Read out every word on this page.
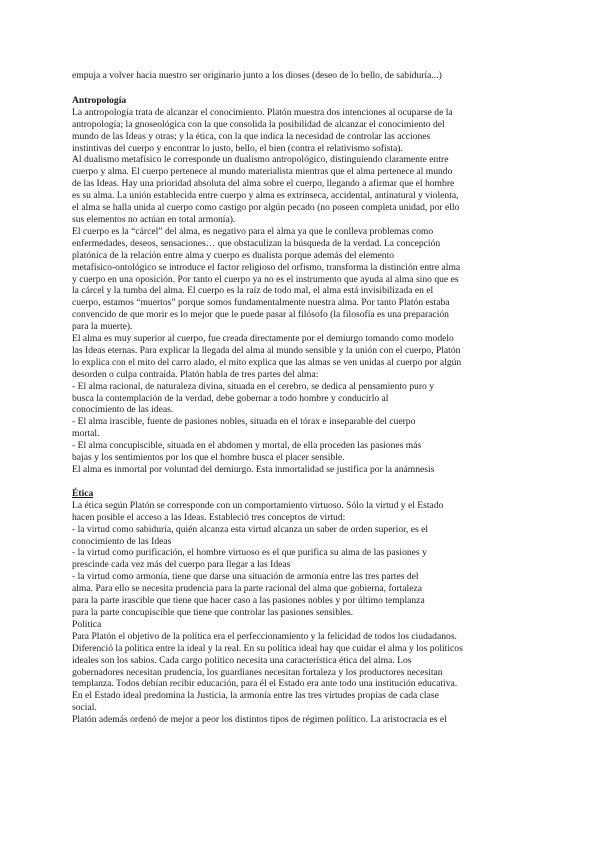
empuja a volver hacia nuestro ser originario junto a los dioses (deseo de lo bello, de sabiduría...)

Antropología

La antropología trata de alcanzar el conocimiento. Platón muestra dos intenciones al ocuparse de la

antropología; la gnoseológica con la que consolida la posibilidad de alcanzar el conocimiento del

mundo de las Ideas y otras; y la ética, con la que indica la necesidad de controlar las acciones

instintivas del cuerpo y encontrar lo justo, bello, el bien (contra el relativismo sofista).

Al dualismo metafísico le corresponde un dualismo antropológico, distinguiendo claramente entre

cuerpo y alma. El cuerpo pertenece al mundo materialista mientras que el alma pertenece al mundo

de las Ideas. Hay una prioridad absoluta del alma sobre el cuerpo, llegando a afirmar que el hombre

es su alma. La unión establecida entre cuerpo y alma es extrínseca, accidental, antinatural y violenta,

el alma se halla unida al cuerpo como castigo por algún pecado (no poseen completa unidad, por ello

sus elementos no actúan en total armonía).

El cuerpo es la “cárcel” del alma, es negativo para el alma ya que le conlleva problemas como

enfermedades, deseos, sensaciones… que obstaculizan la búsqueda de la verdad. La concepción

platónica de la relación entre alma y cuerpo es dualista porque además del elemento

metafísico-ontológico se introduce el factor religioso del orfismo, transforma la distinción entre alma

y cuerpo en una oposición. Por tanto el cuerpo ya no es el instrumento que ayuda al alma sino que es

la cárcel y la tumba del alma. El cuerpo es la raíz de todo mal, el alma está invisibilizada en el

cuerpo, estamos “muertos” porque somos fundamentalmente nuestra alma. Por tanto Platón estaba

convencido de que morir es lo mejor que le puede pasar al filósofo (la filosofía es una preparación

para la muerte).

El alma es muy superior al cuerpo, fue creada directamente por el demiurgo tomando como modelo

las Ideas eternas. Para explicar la llegada del alma al mundo sensible y la unión con el cuerpo, Platón

lo explica con el mito del carro alado, el mito explica que las almas se ven unidas al cuerpo por algún

desorden o culpa contraída. Platón habla de tres partes del alma:

- El alma racional, de naturaleza divina, situada en el cerebro, se dedica al pensamiento puro y

busca la contemplación de la verdad, debe gobernar a todo hombre y conducirlo al

conocimiento de las ideas.

- El alma irascible, fuente de pasiones nobles, situada en el tórax e inseparable del cuerpo

mortal.

- El alma concupiscible, situada en el abdomen y mortal, de ella proceden las pasiones más

bajas y los sentimientos por los que el hombre busca el placer sensible.

El alma es inmortal por voluntad del demiurgo. Esta inmortalidad se justifica por la anámnesis

Ética

La ética según Platón se corresponde con un comportamiento virtuoso. Sólo la virtud y el Estado

hacen posible el acceso a las Ideas. Estableció tres conceptos de virtud:

- la virtud como sabiduría, quién alcanza esta virtud alcanza un saber de orden superior, es el

conocimiento de las Ideas

- la virtud como purificación, el hombre virtuoso es el que purifica su alma de las pasiones y

prescinde cada vez más del cuerpo para llegar a las Ideas

- la virtud como armonía, tiene que darse una situación de armonía entre las tres partes del

alma. Para ello se necesita prudencia para la parte racional del alma que gobierna, fortaleza

para la parte irascible que tiene que hacer caso a las pasiones nobles y por último templanza

para la parte concupiscible que tiene que controlar las pasiones sensibles.

Política

Para Platón el objetivo de la política era el perfeccionamiento y la felicidad de todos los ciudadanos.

Diferenció la política entre la ideal y la real. En su política ideal hay que cuidar el alma y los políticos

ideales son los sabios. Cada cargo político necesita una característica ética del alma. Los

gobernadores necesitan prudencia, los guardianes necesitan fortaleza y los productores necesitan

templanza. Todos debían recibir educación, para él el Estado era ante todo una institución educativa.

En el Estado ideal predomina la Justicia, la armonía entre las tres virtudes propias de cada clase

social.

Platón además ordenó de mejor a peor los distintos tipos de régimen político. La aristocracia es el
